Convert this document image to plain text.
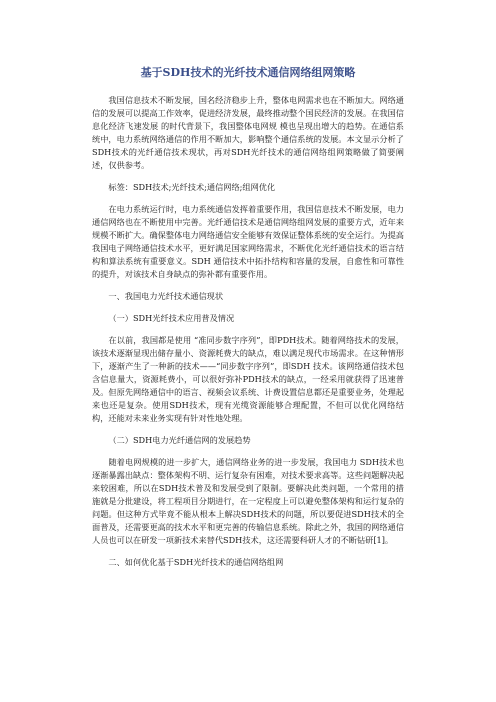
基于SDH技术的光纤技术通信网络组网策略

我国信息技术不断发展，国名经济稳步上升，整体电网需求也在不断加大。网络通信的发展可以提高工作效率，促进经济发展，最终推动整个国民经济的发展。在我国信息化经济飞速发展 的时代背景下，我国整体电网规 模也呈现出增大的趋势。在通信系统中，电力系统网络通信的作用不断加大，影响整个通信系统的发展。本文显示分析了SDH技术的光纤通信技术现状，再对SDH光纤技术的通信网络组网策略做了简要阐述，仅供参考。

标签：SDH技术;光纤技术;通信网络;组网优化

在电力系统运行时，电力系统通信发挥着重要作用，我国信息技术不断发展，电力通信网络也在不断使用中完善。光纤通信技术是通信网络组网发展的重要方式，近年来规模不断扩大。确保整体电力网络通信安全能够有效保证整体系统的安全运行。为提高我国电子网络通信技术水平，更好满足国家网络需求，不断优化光纤通信技术的语言结构和算法系统有重要意义。SDH 通信技术中拓扑结构和容量的发展，自愈性和可靠性的提升，对该技术自身缺点的弥补都有重要作用。

一、我国电力光纤技术通信现状
（一）SDH光纤技术应用普及情况

在以前，我国都是使用 “准同步数字序列”，即PDH技术。随着网络技术的发展，该技术逐渐显现出储存量小、资源耗费大的缺点，难以满足现代市场需求。在这种情形下，逐渐产生了一种新的技术——“同步数字序列”，即SDH 技术。该网络通信技术包含信息量大，资源耗费小，可以很好弥补PDH技术的缺点，一经采用就获得了迅速普及。但原先网络通信中的语言、视频会议系统、计费设置信息都还是重要业务，处理起来也还是复杂。使用SDH技术，现有光缆资源能够合理配置，不但可以优化网络结构，还能对未来业务实现有针对性地处理。

（二）SDH电力光纤通信网的发展趋势

随着电网规模的进一步扩大，通信网络业务的进一步发展，我国电力 SDH技术也逐渐暴露出缺点：整体架构不明、运行复杂有困难，对技术要求高等。这些问题解决起来较困难，所以在SDH技术普及和发展受到了限制。要解决此类问题，一个常用的措施就是分批建设，将工程项目分期进行，在一定程度上可以避免整体架构和运行复杂的问题。但这种方式毕竟不能从根本上解决SDH技术的问题，所以要促进SDH技术的全面普及，还需要更高的技术水平和更完善的传输信息系统。除此之外，我国的网络通信人员也可以在研发一项新技术来替代SDH技术，这还需要科研人才的不断钻研[1]。

二、如何优化基于SDH光纤技术的通信网络组网
